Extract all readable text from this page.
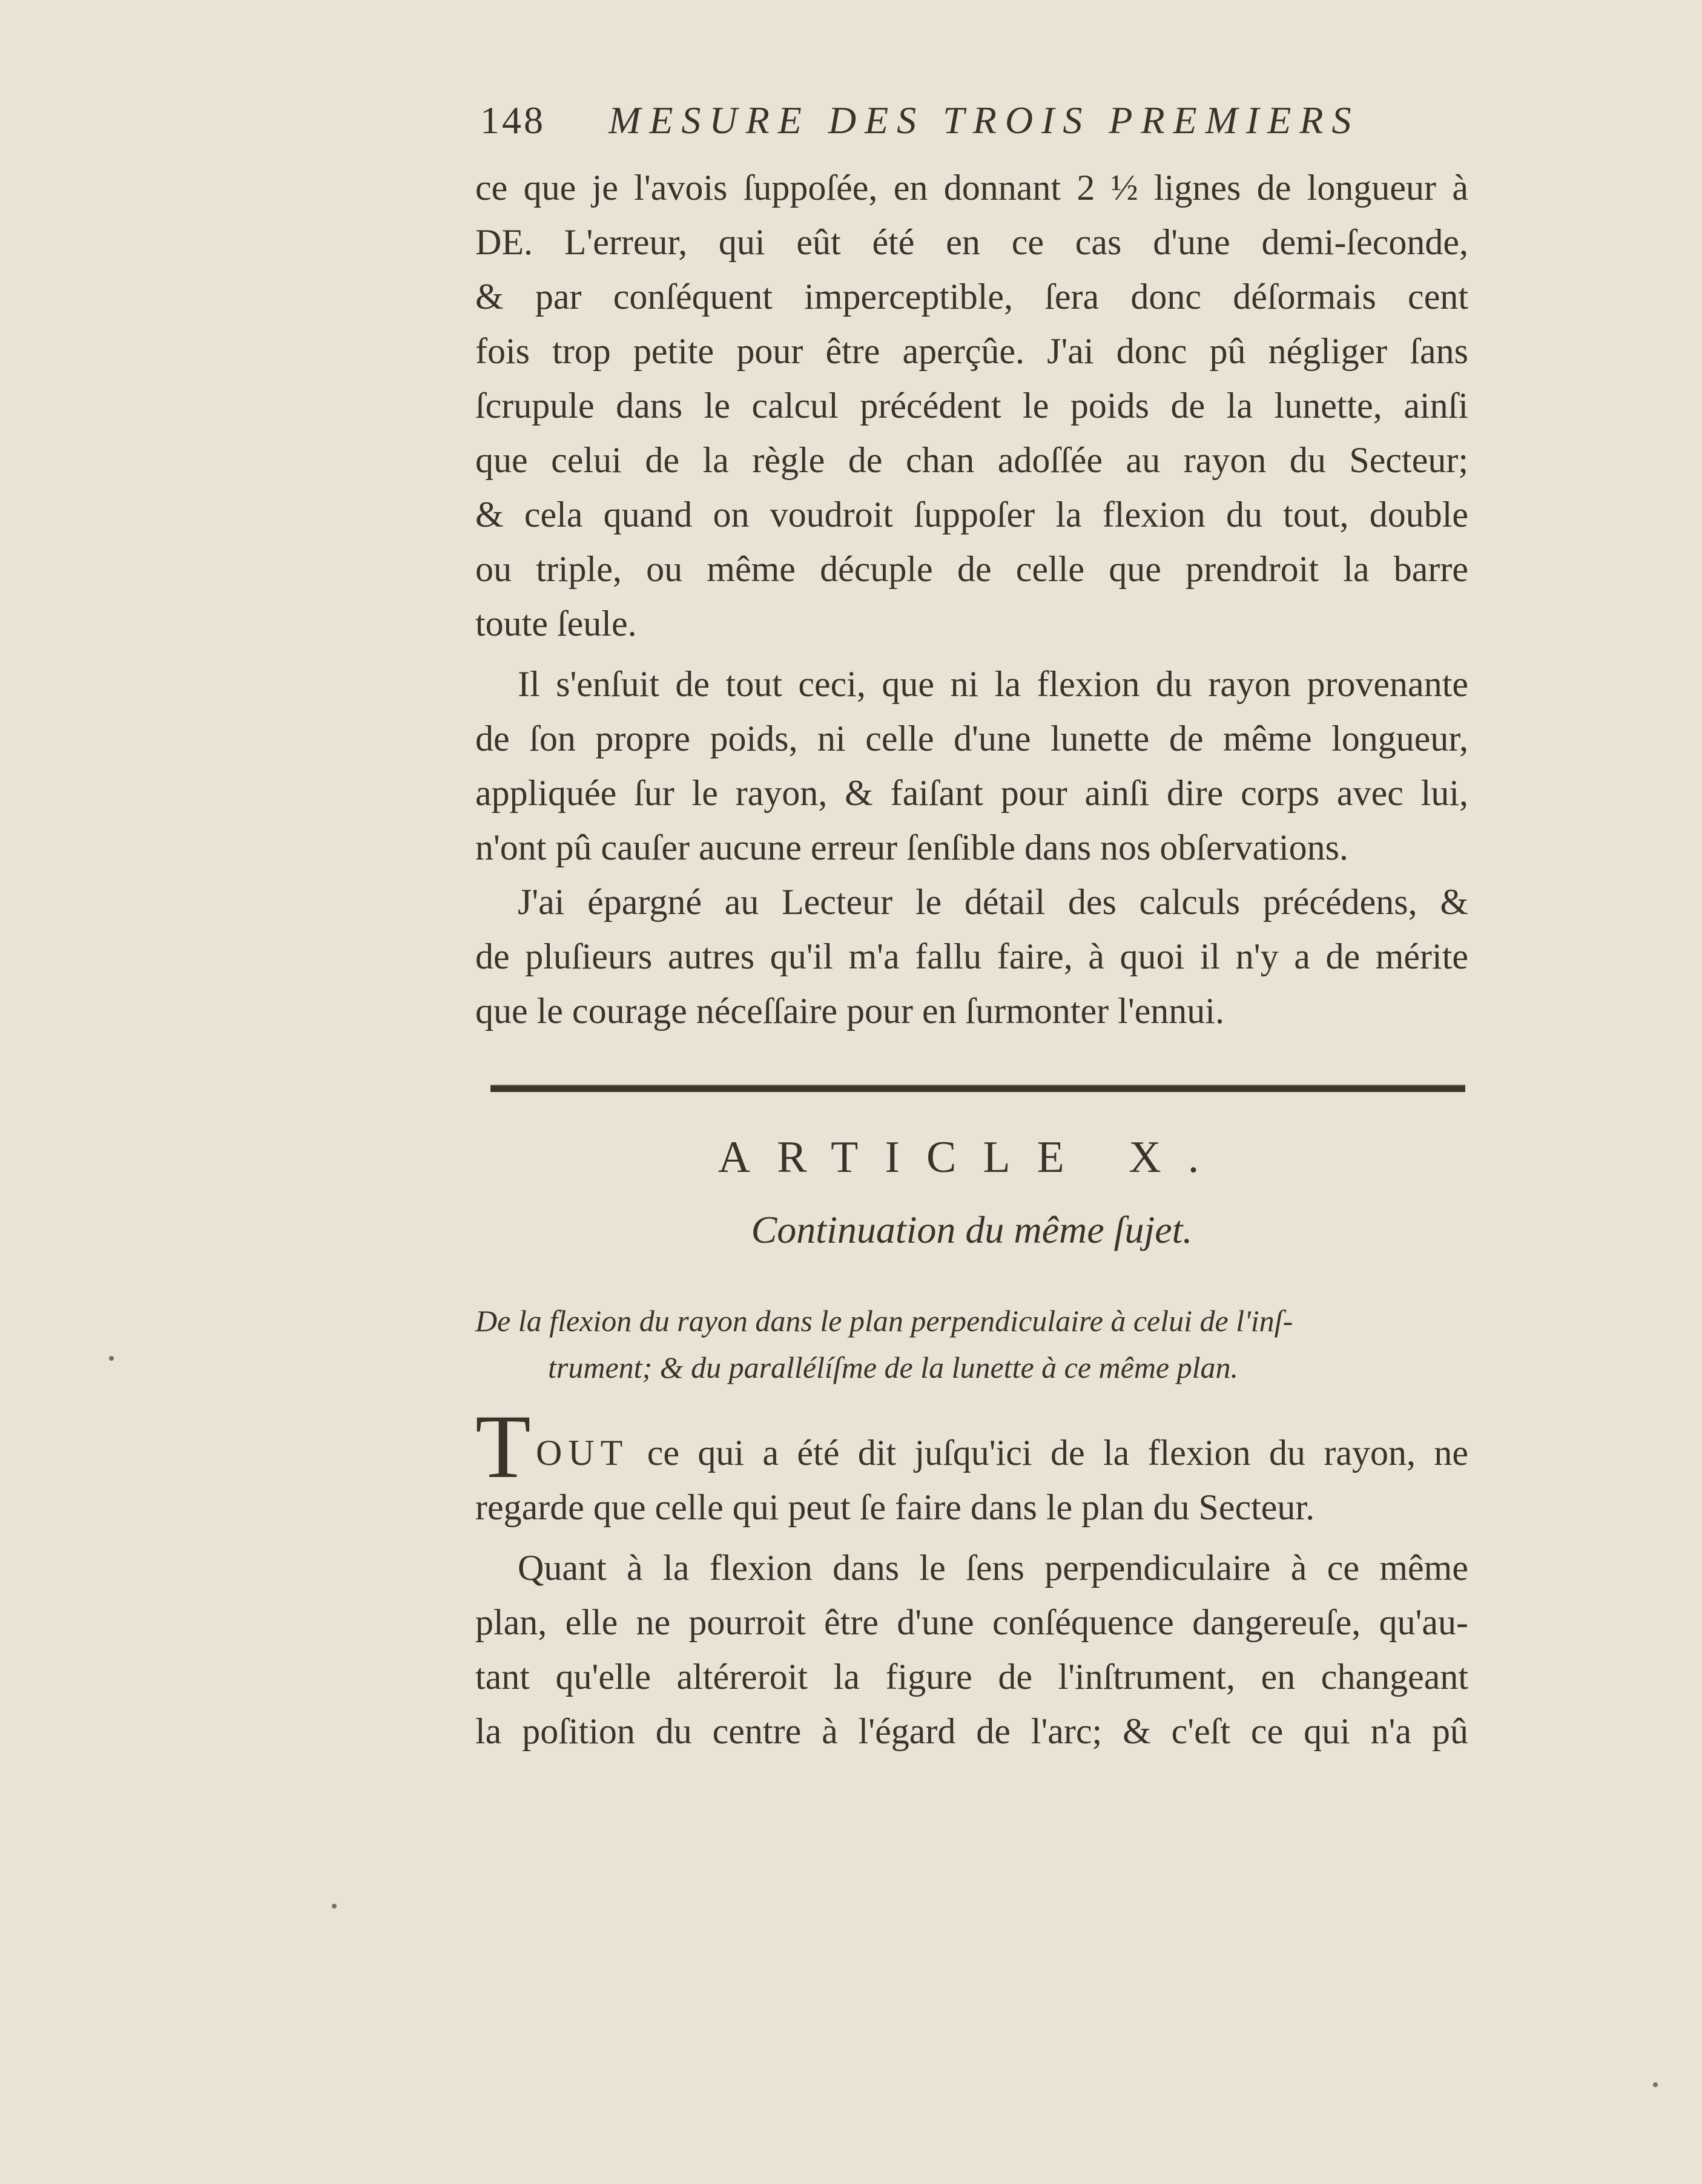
148 MESURE DES TROIS PREMIERS
ce que je l'avois ſuppoſée, en donnant 2 ½ lignes de longueur à
DE. L'erreur, qui eût été en ce cas d'une demi-ſeconde,
& par conſéquent imperceptible, ſera donc déſormais cent
fois trop petite pour être aperçûe. J'ai donc pû négliger ſans
ſcrupule dans le calcul précédent le poids de la lunette, ainſi
que celui de la règle de chan adoſſée au rayon du Secteur;
& cela quand on voudroit ſuppoſer la flexion du tout, double
ou triple, ou même décuple de celle que prendroit la barre
toute ſeule.
Il s'enſuit de tout ceci, que ni la flexion du rayon provenante
de ſon propre poids, ni celle d'une lunette de même longueur,
appliquée ſur le rayon, & faiſant pour ainſi dire corps avec lui,
n'ont pû cauſer aucune erreur ſenſible dans nos obſervations.
J'ai épargné au Lecteur le détail des calculs précédens, &
de pluſieurs autres qu'il m'a fallu faire, à quoi il n'y a de mérite
que le courage néceſſaire pour en ſurmonter l'ennui.
ARTICLE X.
Continuation du même ſujet.
De la flexion du rayon dans le plan perpendiculaire à celui de l'inſ-
trument; & du parallélíſme de la lunette à ce même plan.
T OUT ce qui a été dit juſqu'ici de la flexion du rayon, ne
regarde que celle qui peut ſe faire dans le plan du Secteur.
Quant à la flexion dans le ſens perpendiculaire à ce même
plan, elle ne pourroit être d'une conſéquence dangereuſe, qu'au-
tant qu'elle altéreroit la figure de l'inſtrument, en changeant
la poſition du centre à l'égard de l'arc; & c'eſt ce qui n'a pû
